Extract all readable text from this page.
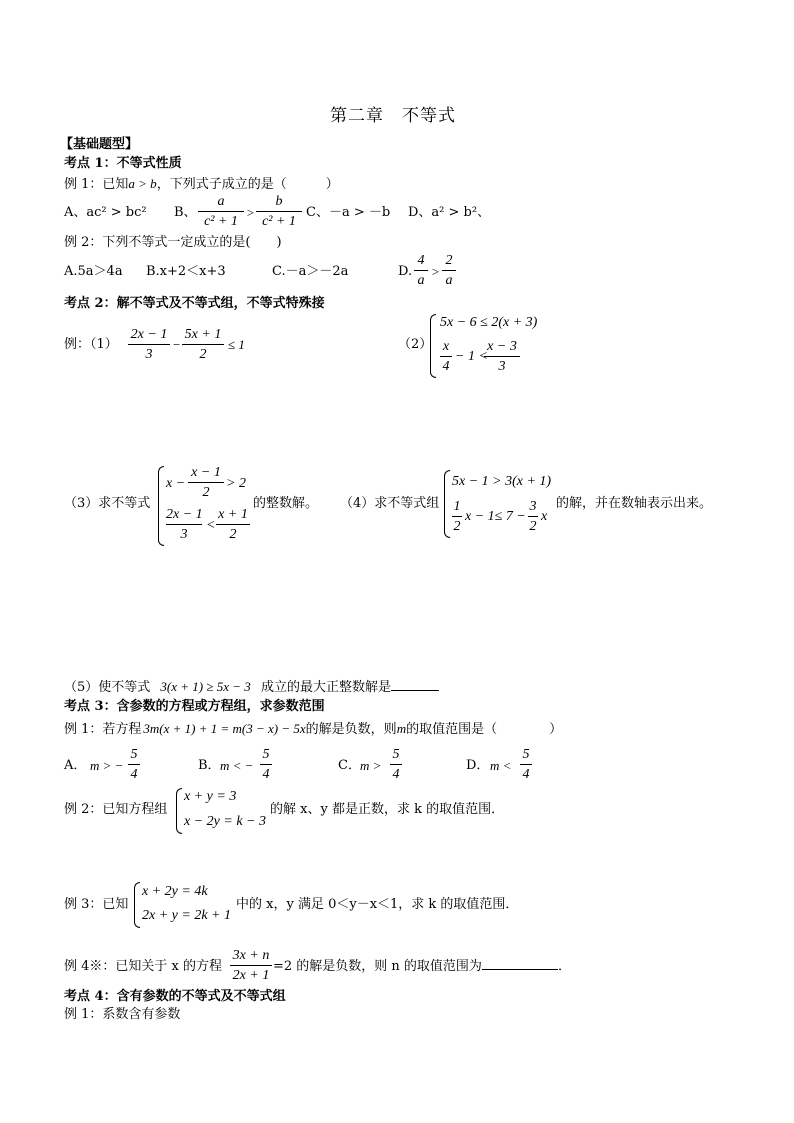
第二章　不等式
【基础题型】
考点 1：不等式性质
例 1：已知a > b，下列式子成立的是（　　　）
A、ac² > bc² B、
a
c² + 1
>
b
c² + 1
C、－a > －b D、a² > b²、
例 2：下列不等式一定成立的是(　　)
A.5a＞4a B.x+2＜x+3	C.－a＞－2a	D.
4
a
>
2
a
考点 2：解不等式及不等式组，不等式特殊接
例：（1）
2x − 1
3
−
5x + 1
2
≤ 1	（2）
5x − 6 ≤ 2(x + 3)
x
4
− 1 <
x − 3
3
（3）求不等式
x −
x − 1
2
> 2
2x − 1
3
<
x + 1
2
的整数解。 （4）求不等式组
5x − 1 > 3(x + 1)
1
2
x − 1≤ 7 −
3
2
x
的解，并在数轴表示出来。
（5）使不等式 3(x + 1) ≥ 5x − 3 成立的最大正整数解是
考点 3：含参数的方程或方程组，求参数范围
例 1：若方程 3m(x + 1) + 1 = m(3 − x) − 5x的解是负数，则m的取值范围是（　　　　）
A． m > −
5
4
B． m < −
5
4
C． m >
5
4
D． m <
5
4
例 2：已知方程组
x + y = 3
x − 2y = k − 3
的解 x、y 都是正数，求 k 的取值范围．
例 3：已知
x + 2y = 4k
2x + y = 2k + 1
中的 x，y 满足 0＜y－x＜1，求 k 的取值范围．
例 4※：已知关于 x 的方程
3x + n
2x + 1
=2 的解是负数，则 n 的取值范围为	．
考点 4：含有参数的不等式及不等式组
例 1：系数含有参数
